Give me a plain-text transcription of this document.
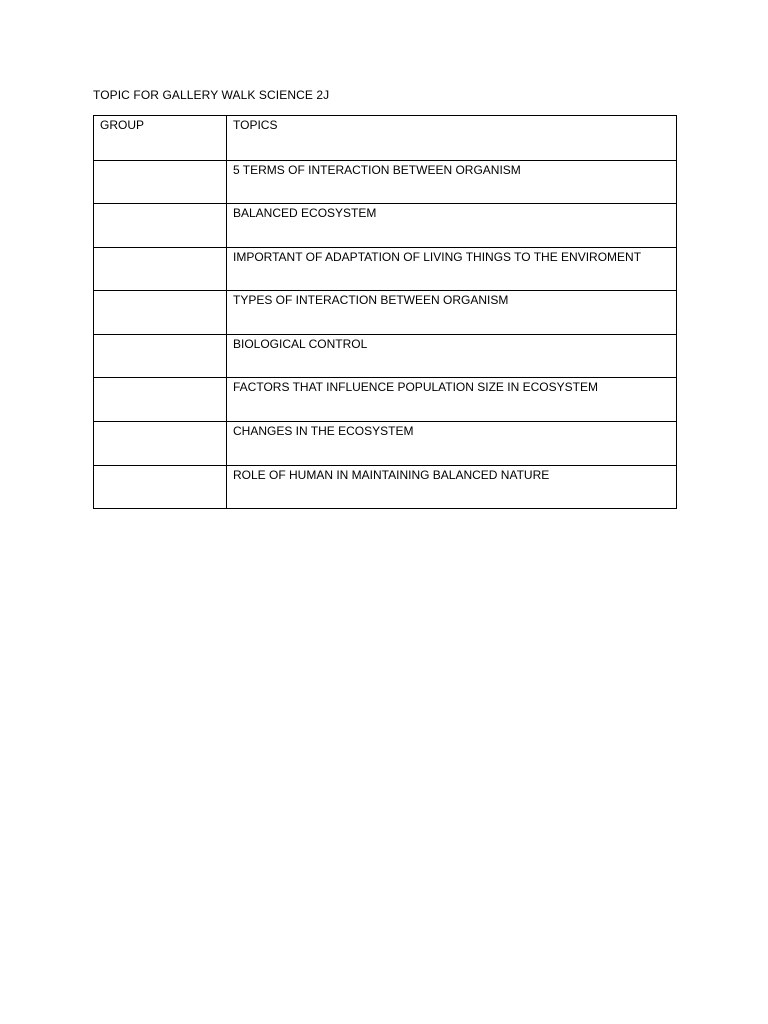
TOPIC FOR GALLERY WALK SCIENCE 2J
GROUP	TOPICS
	5 TERMS OF INTERACTION BETWEEN ORGANISM
	BALANCED ECOSYSTEM
	IMPORTANT OF ADAPTATION OF LIVING THINGS TO THE ENVIROMENT
	TYPES OF INTERACTION BETWEEN ORGANISM
	BIOLOGICAL CONTROL
	FACTORS THAT INFLUENCE POPULATION SIZE IN ECOSYSTEM
	CHANGES IN THE ECOSYSTEM
	ROLE OF HUMAN IN MAINTAINING BALANCED NATURE
